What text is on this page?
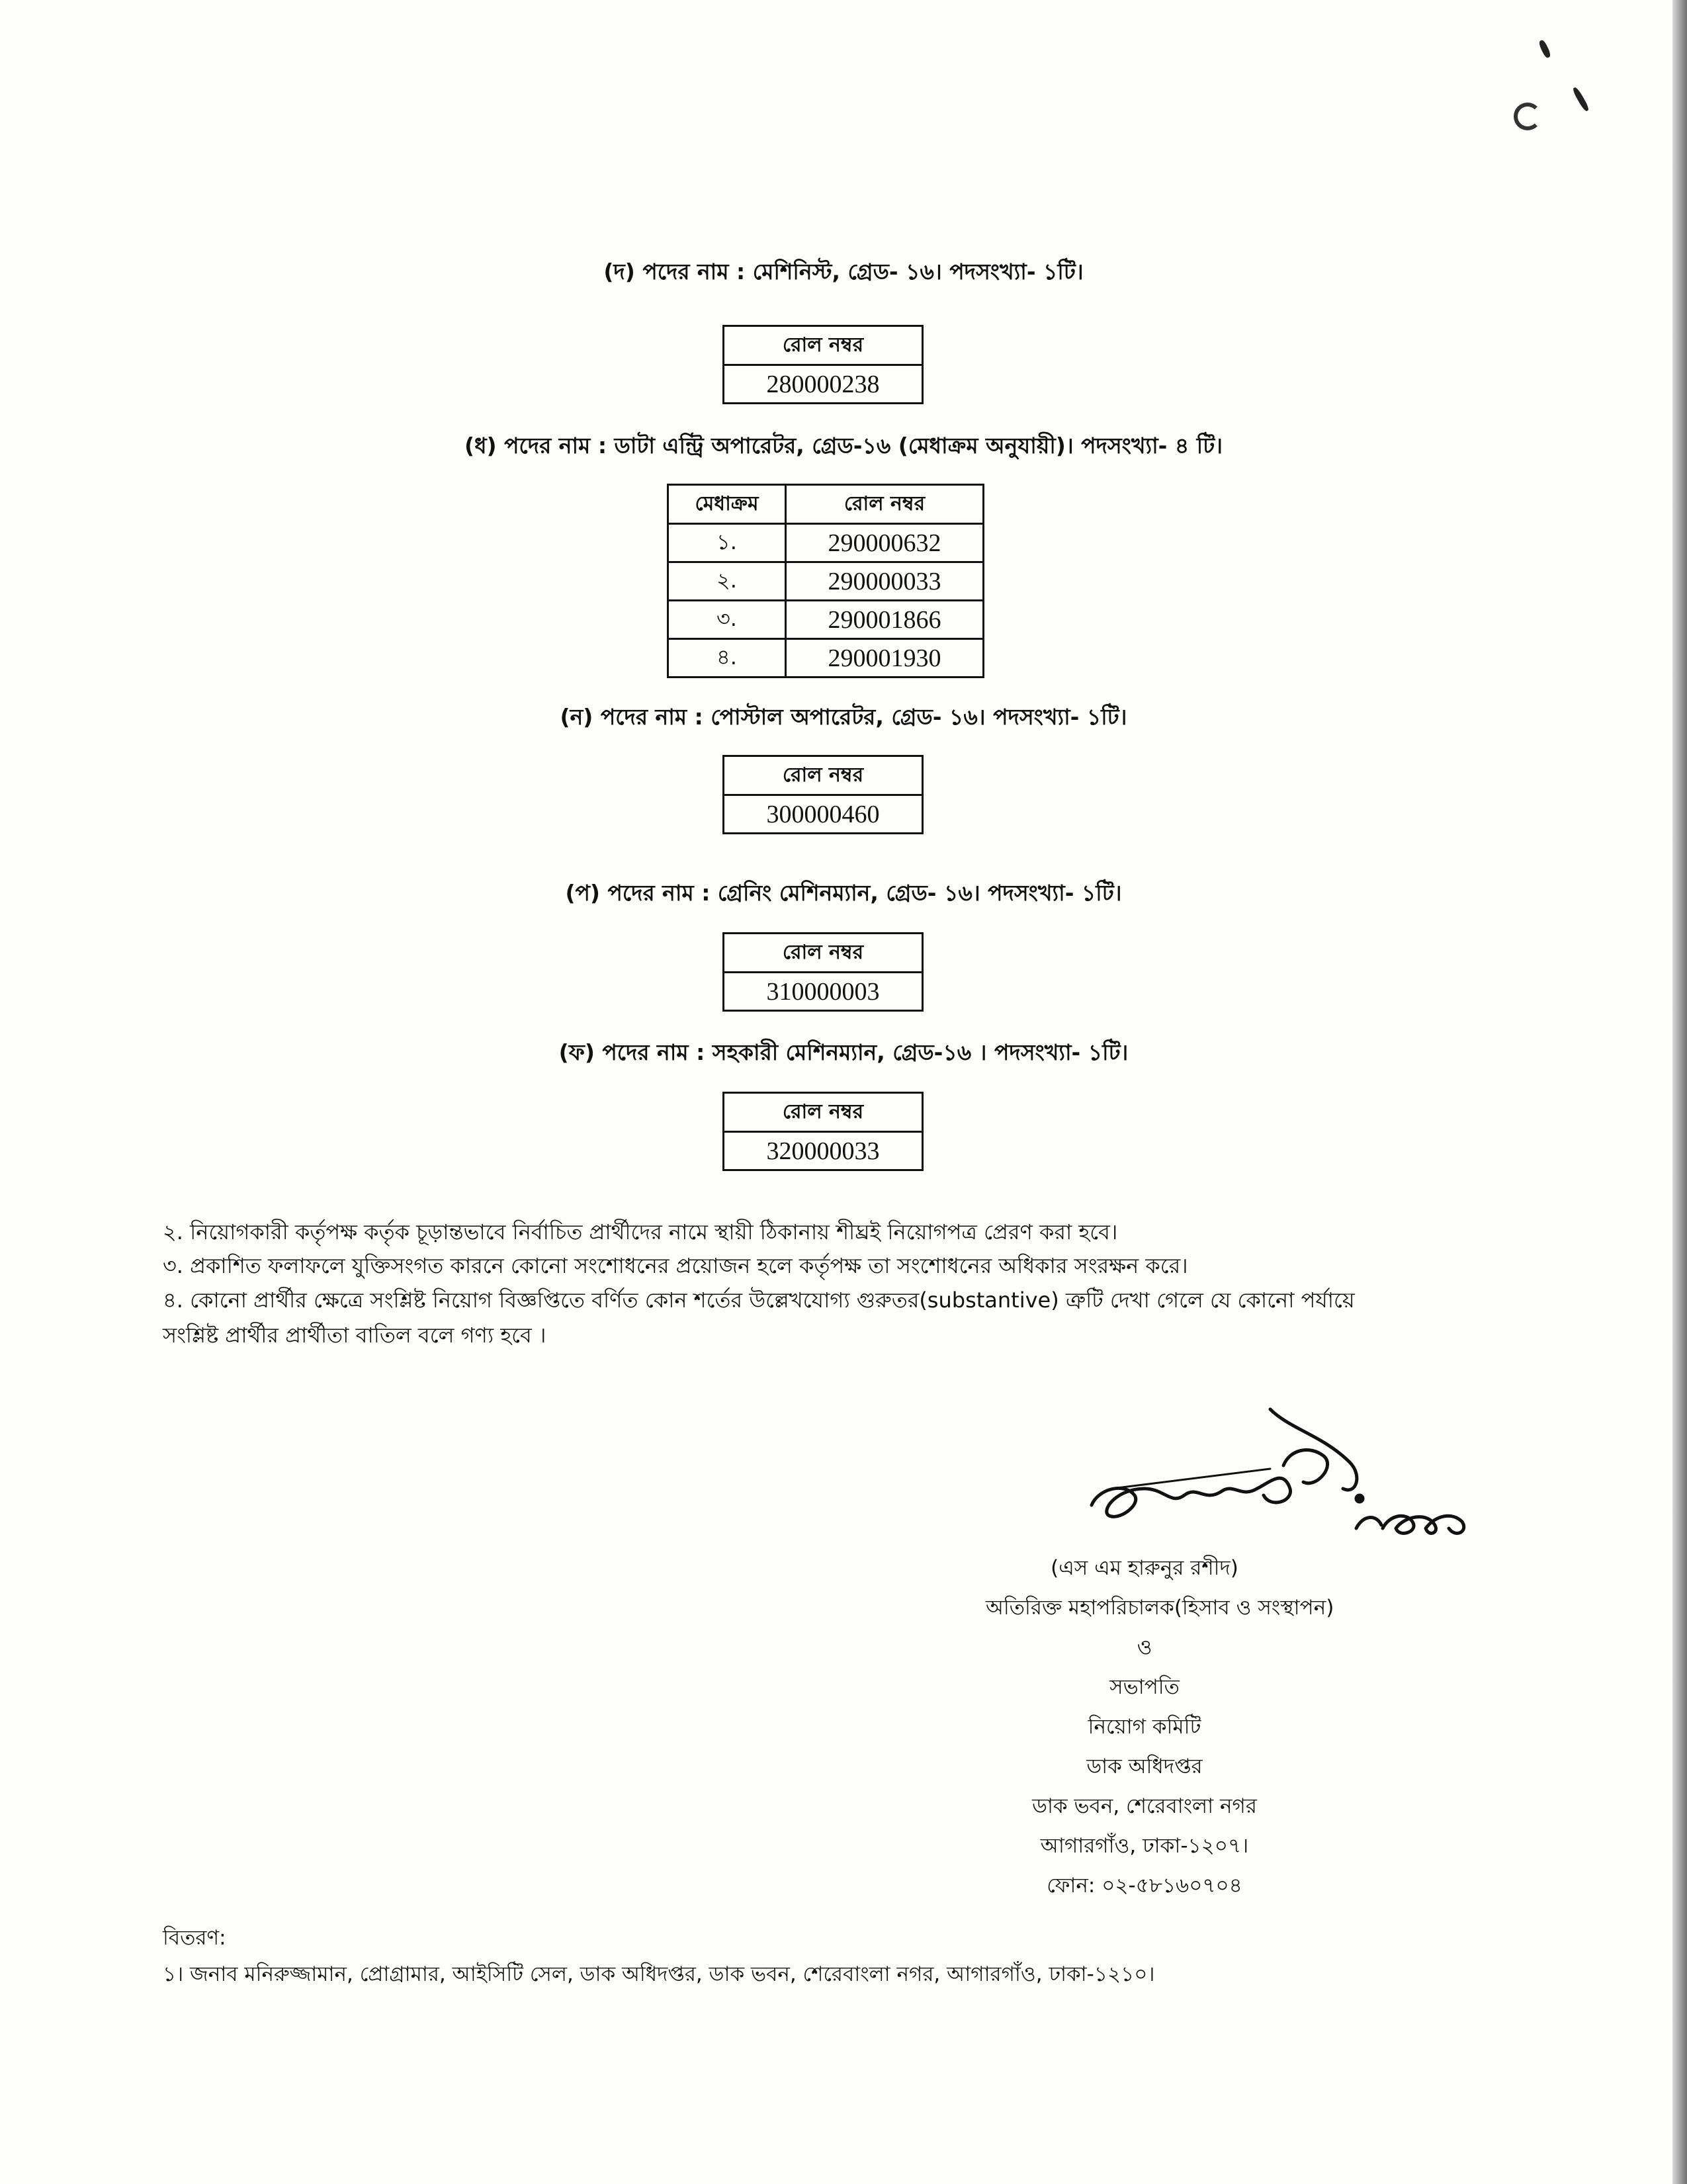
(দ) পদের নাম : মেশিনিস্ট, গ্রেড- ১৬। পদসংখ্যা- ১টি।
রোল নম্বর
280000238
(ধ) পদের নাম : ডাটা এন্ট্রি অপারেটর, গ্রেড-১৬ (মেধাক্রম অনুযায়ী)। পদসংখ্যা- ৪ টি।
মেধাক্রম	রোল নম্বর
১.	290000632
২.	290000033
৩.	290001866
৪.	290001930
(ন) পদের নাম : পোস্টাল অপারেটর, গ্রেড- ১৬। পদসংখ্যা- ১টি।
রোল নম্বর
300000460
(প) পদের নাম : গ্রেনিং মেশিনম্যান, গ্রেড- ১৬। পদসংখ্যা- ১টি।
রোল নম্বর
310000003
(ফ) পদের নাম : সহকারী মেশিনম্যান, গ্রেড-১৬ । পদসংখ্যা- ১টি।
রোল নম্বর
320000033
২. নিয়োগকারী কর্তৃপক্ষ কর্তৃক চূড়ান্তভাবে নির্বাচিত প্রার্থীদের নামে স্থায়ী ঠিকানায় শীঘ্রই নিয়োগপত্র প্রেরণ করা হবে।
৩. প্রকাশিত ফলাফলে যুক্তিসংগত কারনে কোনো সংশোধনের প্রয়োজন হলে কর্তৃপক্ষ তা সংশোধনের অধিকার সংরক্ষন করে।
৪. কোনো প্রার্থীর ক্ষেত্রে সংশ্লিষ্ট নিয়োগ বিজ্ঞপ্তিতে বর্ণিত কোন শর্তের উল্লেখযোগ্য গুরুতর(substantive) ত্রুটি দেখা গেলে যে কোনো পর্যায়ে
সংশ্লিষ্ট প্রার্থীর প্রার্থীতা বাতিল বলে গণ্য হবে ।
(এস এম হারুনুর রশীদ)
অতিরিক্ত মহাপরিচালক(হিসাব ও সংস্থাপন)
ও
সভাপতি
নিয়োগ কমিটি
ডাক অধিদপ্তর
ডাক ভবন, শেরেবাংলা নগর
আগারগাঁও, ঢাকা-১২০৭।
ফোন: ০২-৫৮১৬০৭০৪
বিতরণ:
১। জনাব মনিরুজ্জামান, প্রোগ্রামার, আইসিটি সেল, ডাক অধিদপ্তর, ডাক ভবন, শেরেবাংলা নগর, আগারগাঁও, ঢাকা-১২১০।
